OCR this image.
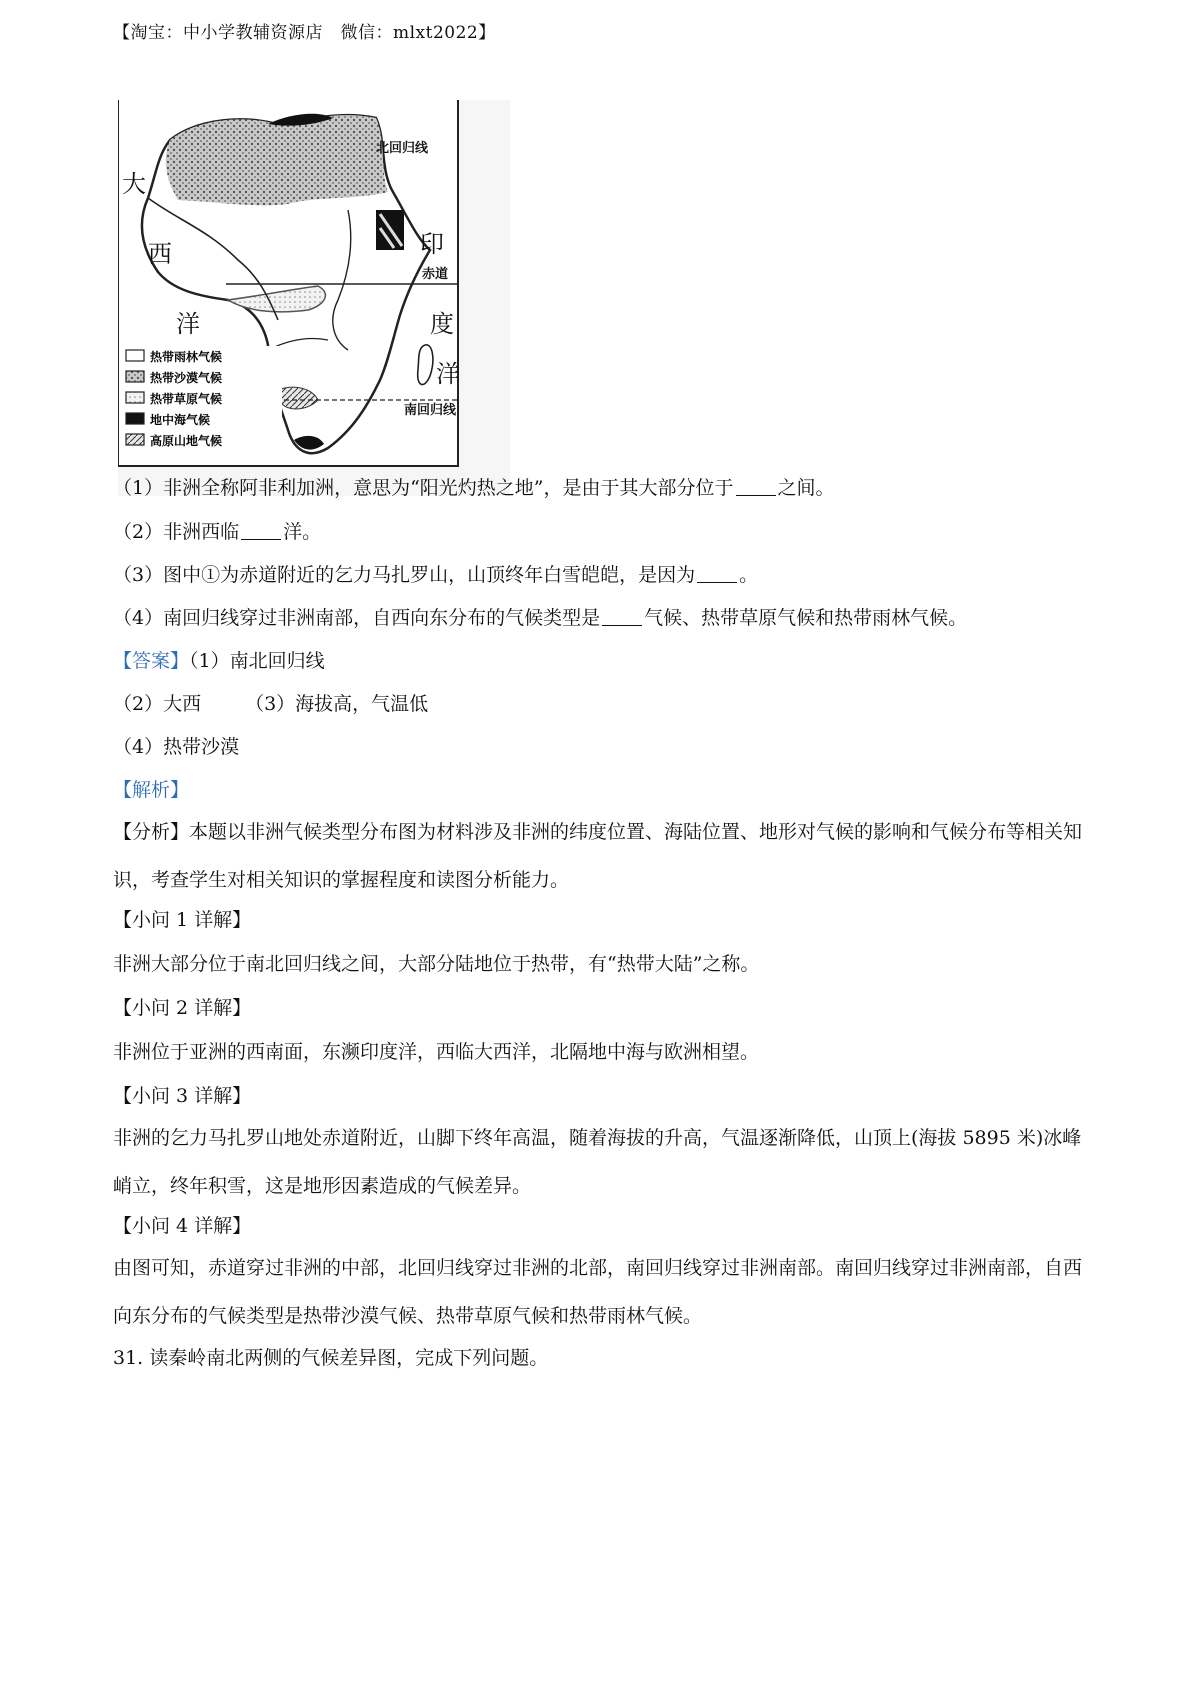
【淘宝：中小学教辅资源店　微信：mlxt2022】
大
西
洋
印
度
洋
北回归线
赤道
南回归线
热带雨林气候
热带沙漠气候
热带草原气候
地中海气候
高原山地气候
（1）非洲全称阿非利加洲，意思为“阳光灼热之地”，是由于其大部分位于 之间。
（2）非洲西临 洋。
（3）图中①为赤道附近的乞力马扎罗山，山顶终年白雪皑皑，是因为 。
（4）南回归线穿过非洲南部，自西向东分布的气候类型是 气候、热带草原气候和热带雨林气候。
【答案】（1）南北回归线
（2）大西 （3）海拔高，气温低
（4）热带沙漠
【解析】
【分析】本题以非洲气候类型分布图为材料涉及非洲的纬度位置、海陆位置、地形对气候的影响和气候分布等相关知识，考查学生对相关知识的掌握程度和读图分析能力。
【小问 1 详解】
非洲大部分位于南北回归线之间，大部分陆地位于热带，有“热带大陆”之称。
【小问 2 详解】
非洲位于亚洲的西南面，东濒印度洋，西临大西洋，北隔地中海与欧洲相望。
【小问 3 详解】
非洲的乞力马扎罗山地处赤道附近，山脚下终年高温，随着海拔的升高，气温逐渐降低，山顶上(海拔 5895 米)冰峰峭立，终年积雪，这是地形因素造成的气候差异。
【小问 4 详解】
由图可知，赤道穿过非洲的中部，北回归线穿过非洲的北部，南回归线穿过非洲南部。南回归线穿过非洲南部，自西向东分布的气候类型是热带沙漠气候、热带草原气候和热带雨林气候。
31. 读秦岭南北两侧的气候差异图，完成下列问题。
